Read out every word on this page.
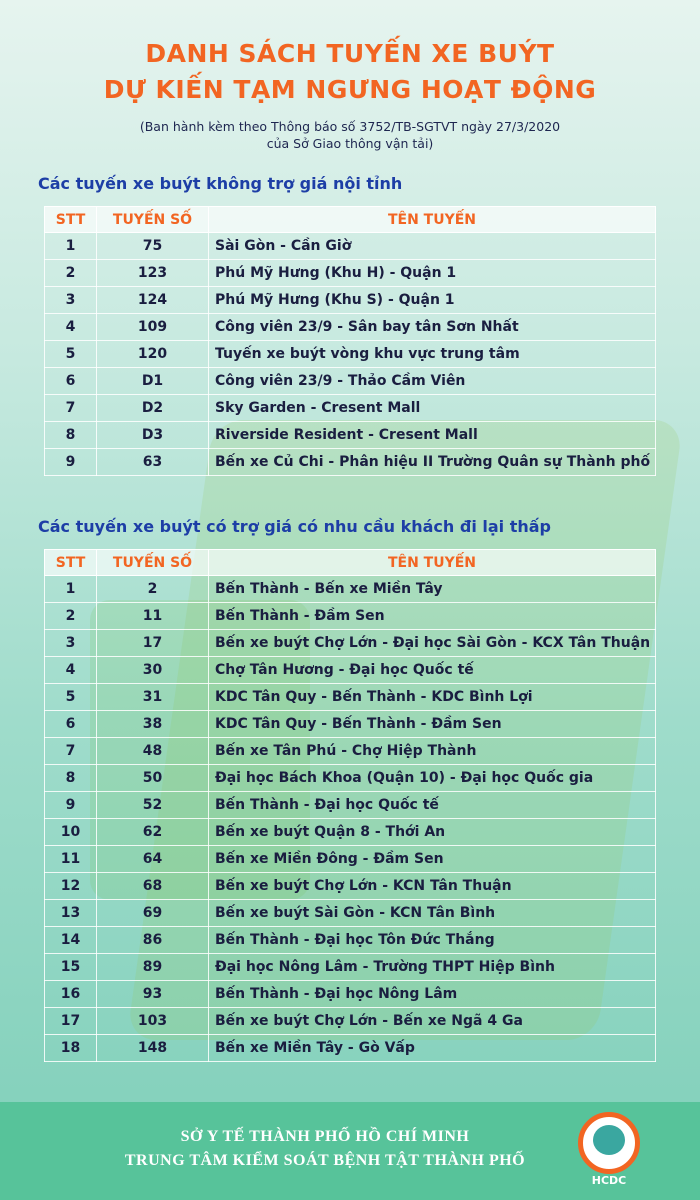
DANH SÁCH TUYẾN XE BUÝT
DỰ KIẾN TẠM NGƯNG HOẠT ĐỘNG
(Ban hành kèm theo Thông báo số 3752/TB-SGTVT ngày 27/3/2020
của Sở Giao thông vận tải)
Các tuyến xe buýt không trợ giá nội tỉnh
STT	TUYẾN SỐ	TÊN TUYẾN
1	75	Sài Gòn - Cần Giờ
2	123	Phú Mỹ Hưng (Khu H) - Quận 1
3	124	Phú Mỹ Hưng (Khu S) - Quận 1
4	109	Công viên 23/9 - Sân bay tân Sơn Nhất
5	120	Tuyến xe buýt vòng khu vực trung tâm
6	D1	Công viên 23/9 - Thảo Cầm Viên
7	D2	Sky Garden - Cresent Mall
8	D3	Riverside Resident - Cresent Mall
9	63	Bến xe Củ Chi - Phân hiệu II Trường Quân sự Thành phố
Các tuyến xe buýt có trợ giá có nhu cầu khách đi lại thấp
STT	TUYẾN SỐ	TÊN TUYẾN
1	2	Bến Thành - Bến xe Miền Tây
2	11	Bến Thành - Đầm Sen
3	17	Bến xe buýt Chợ Lớn - Đại học Sài Gòn - KCX Tân Thuận
4	30	Chợ Tân Hương - Đại học Quốc tế
5	31	KDC Tân Quy - Bến Thành - KDC Bình Lợi
6	38	KDC Tân Quy - Bến Thành - Đầm Sen
7	48	Bến xe Tân Phú - Chợ Hiệp Thành
8	50	Đại học Bách Khoa (Quận 10) - Đại học Quốc gia
9	52	Bến Thành - Đại học Quốc tế
10	62	Bến xe buýt Quận 8 - Thới An
11	64	Bến xe Miền Đông - Đầm Sen
12	68	Bến xe buýt Chợ Lớn - KCN Tân Thuận
13	69	Bến xe buýt Sài Gòn - KCN Tân Bình
14	86	Bến Thành - Đại học Tôn Đức Thắng
15	89	Đại học Nông Lâm - Trường THPT Hiệp Bình
16	93	Bến Thành - Đại học Nông Lâm
17	103	Bến xe buýt Chợ Lớn - Bến xe Ngã 4 Ga
18	148	Bến xe Miền Tây - Gò Vấp
SỞ Y TẾ THÀNH PHỐ HỒ CHÍ MINH
TRUNG TÂM KIỂM SOÁT BỆNH TẬT THÀNH PHỐ
HCDC
